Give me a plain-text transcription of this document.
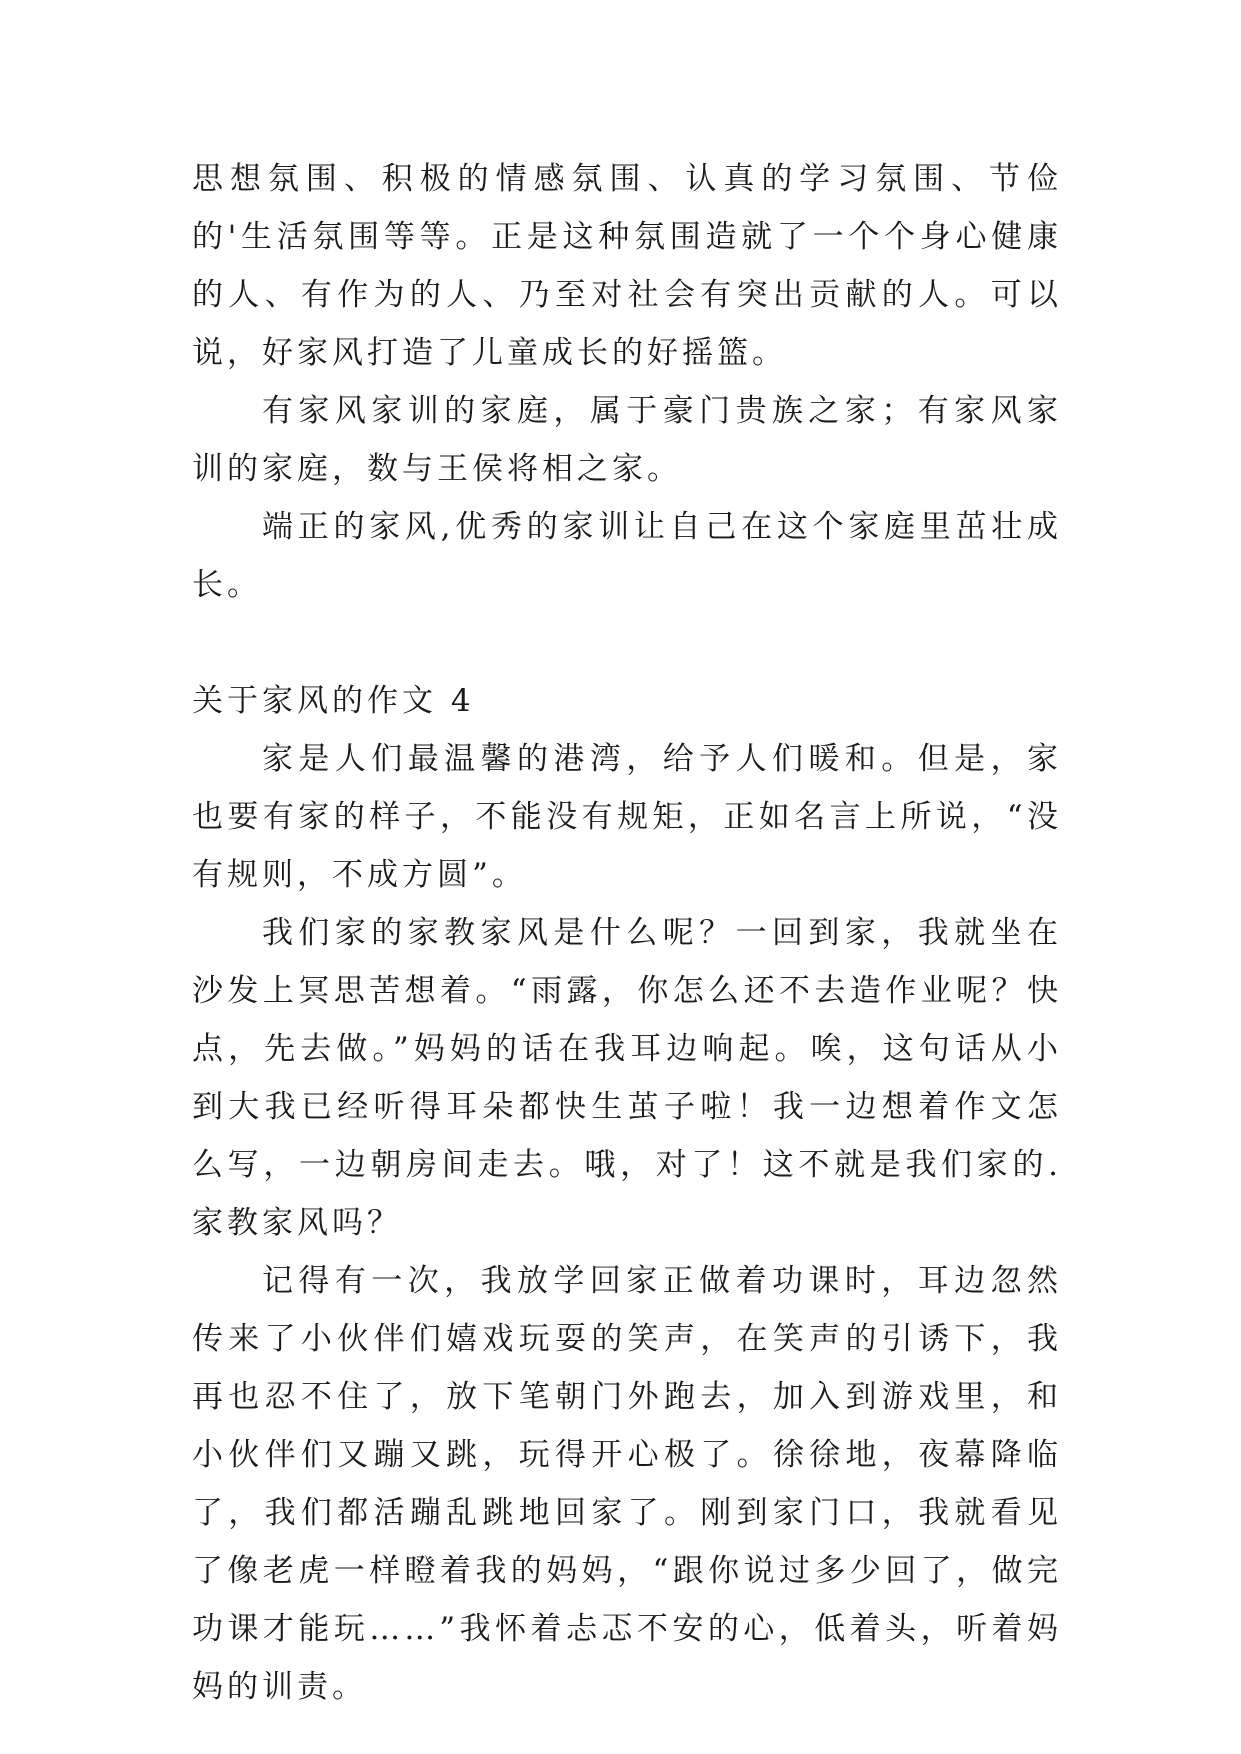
思想氛围、积极的情感氛围、认真的学习氛围、节俭的'生活氛围等等。正是这种氛围造就了一个个身心健康的人、有作为的人、乃至对社会有突出贡献的人。可以说，好家风打造了儿童成长的好摇篮。

有家风家训的家庭，属于豪门贵族之家；有家风家训的家庭，数与王侯将相之家。

端正的家风,优秀的家训让自己在这个家庭里茁壮成长。

关于家风的作文 4

家是人们最温馨的港湾，给予人们暖和。但是，家也要有家的样子，不能没有规矩，正如名言上所说，“没有规则，不成方圆”。

我们家的家教家风是什么呢？一回到家，我就坐在沙发上冥思苦想着。“雨露，你怎么还不去造作业呢？快点，先去做。”妈妈的话在我耳边响起。唉，这句话从小到大我已经听得耳朵都快生茧子啦！我一边想着作文怎么写，一边朝房间走去。哦，对了！这不就是我们家的.家教家风吗？

记得有一次，我放学回家正做着功课时，耳边忽然传来了小伙伴们嬉戏玩耍的笑声，在笑声的引诱下，我再也忍不住了，放下笔朝门外跑去，加入到游戏里，和小伙伴们又蹦又跳，玩得开心极了。徐徐地，夜幕降临了，我们都活蹦乱跳地回家了。刚到家门口，我就看见了像老虎一样瞪着我的妈妈，“跟你说过多少回了，做完功课才能玩……”我怀着忐忑不安的心，低着头，听着妈妈的训责。
